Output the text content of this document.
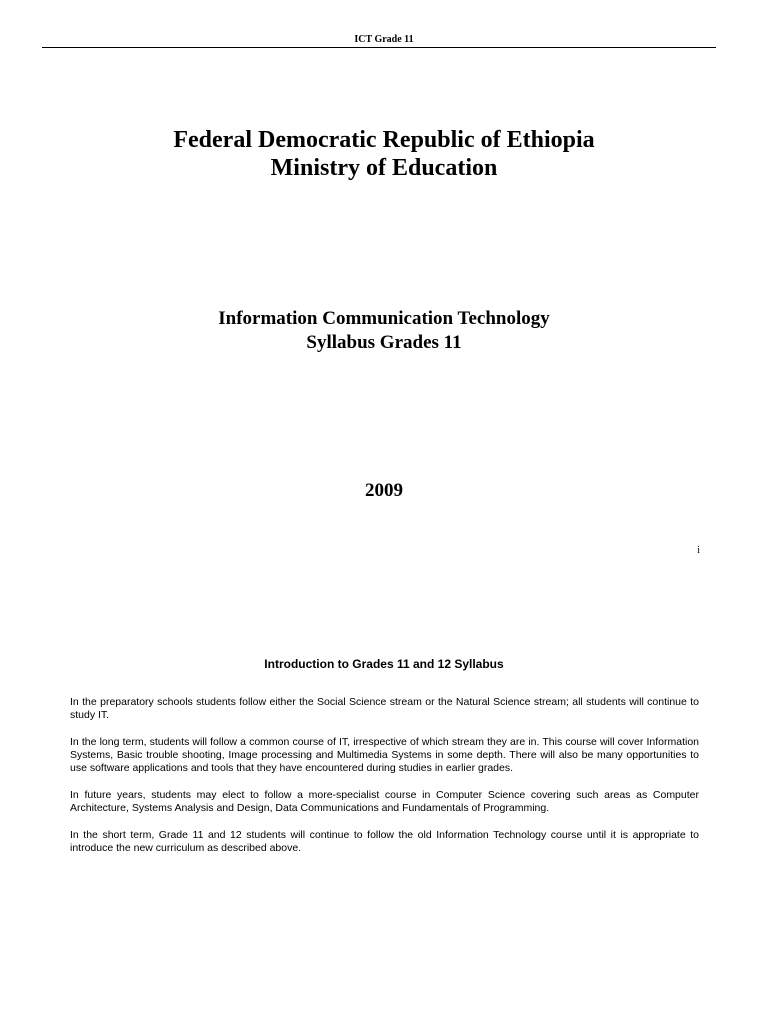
ICT Grade 11
Federal Democratic Republic of Ethiopia
Ministry of Education
Information Communication Technology
Syllabus Grades 11
2009
i
Introduction to Grades 11 and 12 Syllabus

In the preparatory schools students follow either the Social Science stream or the Natural Science stream; all students will continue to study IT.

In the long term, students will follow a common course of IT, irrespective of which stream they are in. This course will cover Information Systems, Basic trouble shooting, Image processing and Multimedia Systems in some depth. There will also be many opportunities to use software applications and tools that they have encountered during studies in earlier grades.

In future years, students may elect to follow a more-specialist course in Computer Science covering such areas as Computer Architecture, Systems Analysis and Design, Data Communications and Fundamentals of Programming.

In the short term, Grade 11 and 12 students will continue to follow the old Information Technology course until it is appropriate to introduce the new curriculum as described above.
